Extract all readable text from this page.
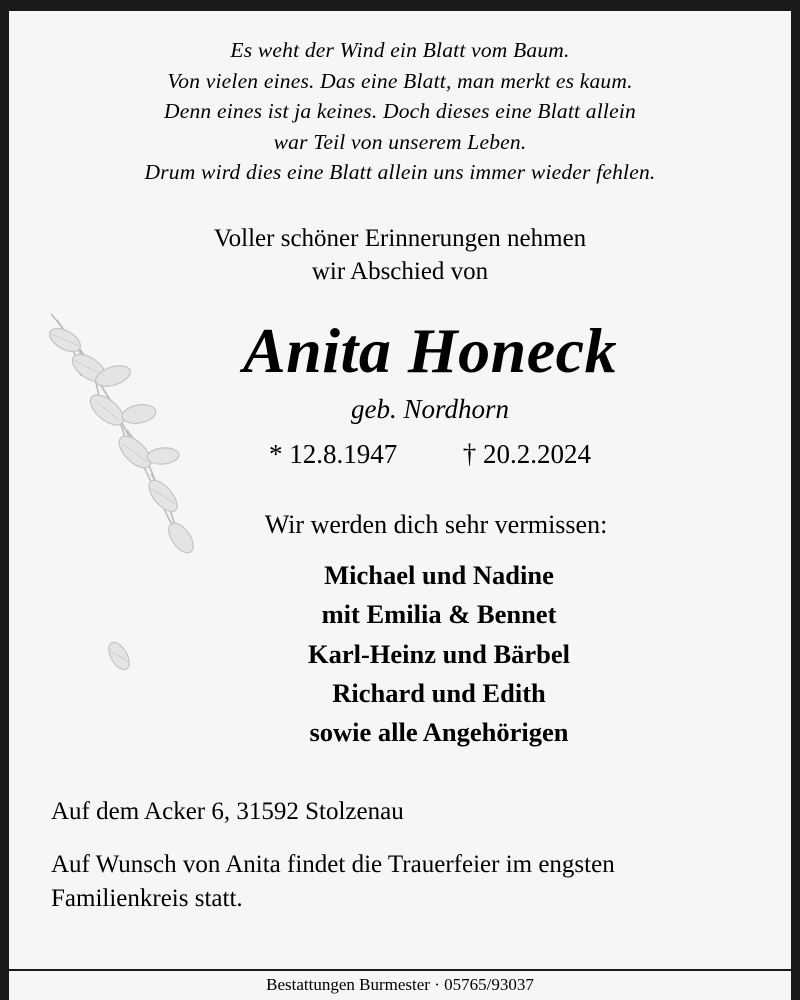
Es weht der Wind ein Blatt vom Baum.
Von vielen eines. Das eine Blatt, man merkt es kaum.
Denn eines ist ja keines. Doch dieses eine Blatt allein
war Teil von unserem Leben.
Drum wird dies eine Blatt allein uns immer wieder fehlen.
Voller schöner Erinnerungen nehmen
wir Abschied von
Anita Honeck
geb. Nordhorn
* 12.8.1947 † 20.2.2024
Wir werden dich sehr vermissen:
Michael und Nadine
mit Emilia & Bennet
Karl-Heinz und Bärbel
Richard und Edith
sowie alle Angehörigen
Auf dem Acker 6, 31592 Stolzenau
Auf Wunsch von Anita findet die Trauerfeier im engsten Familienkreis statt.
Bestattungen Burmester · 05765/93037
